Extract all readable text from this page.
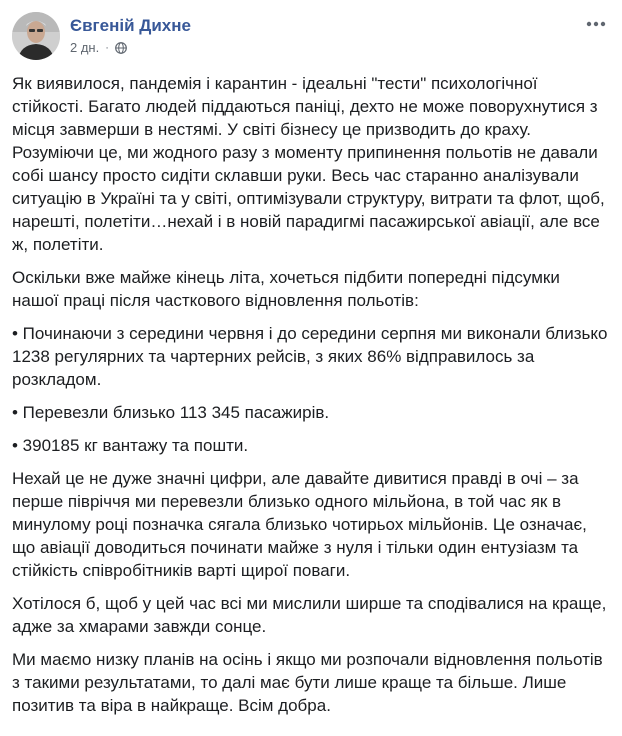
Євгеній Дихне
2 дн. ·

Як виявилося, пандемія і карантин - ідеальні "тести" психологічної стійкості. Багато людей піддаються паніці, дехто не може поворухнутися з місця завмерши в нестямі. У світі бізнесу це призводить до краху. Розуміючи це, ми жодного разу з моменту припинення польотів не давали собі шансу просто сидіти склавши руки. Весь час старанно аналізували ситуацію в Україні та у світі, оптимізували структуру, витрати та флот, щоб, нарешті, полетіти…нехай і в новій парадигмі пасажирської авіації, але все ж, полетіти.

Оскільки вже майже кінець літа, хочеться підбити попередні підсумки нашої праці після часткового відновлення польотів:

• Починаючи з середини червня і до середини серпня ми виконали близько 1238 регулярних та чартерних рейсів, з яких 86% відправилось за розкладом.

• Перевезли близько 113 345 пасажирів.

• 390185 кг вантажу та пошти.

Нехай це не дуже значні цифри, але давайте дивитися правді в очі – за перше півріччя ми перевезли близько одного мільйона, в той час як в минулому році позначка сягала близько чотирьох мільйонів. Це означає, що авіації доводиться починати майже з нуля і тільки один ентузіазм та стійкість співробітників варті щирої поваги.

Хотілося б, щоб у цей час всі ми мислили ширше та сподівалися на краще, адже за хмарами завжди сонце.

Ми маємо низку планів на осінь і якщо ми розпочали відновлення польотів з такими результатами, то далі має бути лише краще та більше. Лише позитив та віра в найкраще. Всім добра.
